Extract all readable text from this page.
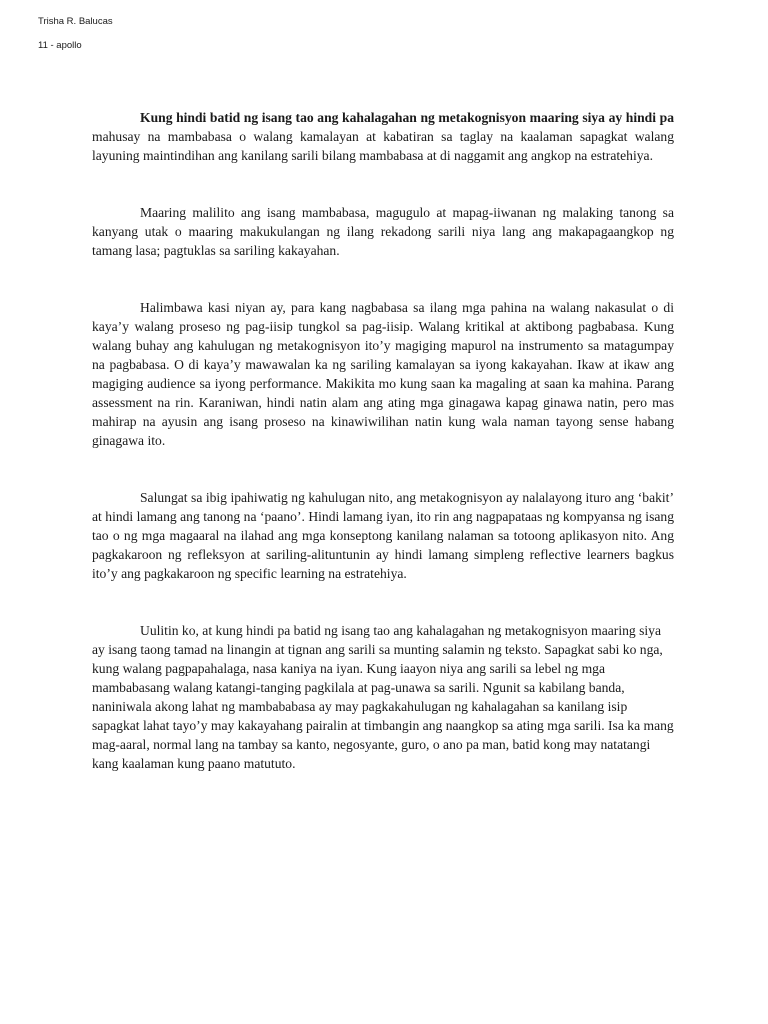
Trisha R. Balucas
11 - apollo

Kung hindi batid ng isang tao ang kahalagahan ng metakognisyon maaring siya ay hindi pa mahusay na mambabasa o walang kamalayan at kabatiran sa taglay na kaalaman sapagkat walang layuning maintindihan ang kanilang sarili bilang mambabasa at di naggamit ang angkop na estratehiya.

Maaring malilito ang isang mambabasa, magugulo at mapag-iiwanan ng malaking tanong sa kanyang utak o maaring makukulangan ng ilang rekadong sarili niya lang ang makapagaangkop ng tamang lasa; pagtuklas sa sariling kakayahan.

Halimbawa kasi niyan ay, para kang nagbabasa sa ilang mga pahina na walang nakasulat o di kaya’y walang proseso ng pag-iisip tungkol sa pag-iisip. Walang kritikal at aktibong pagbabasa. Kung walang buhay ang kahulugan ng metakognisyon ito’y magiging mapurol na instrumento sa matagumpay na pagbabasa. O di kaya’y mawawalan ka ng sariling kamalayan sa iyong kakayahan. Ikaw at ikaw ang magiging audience sa iyong performance. Makikita mo kung saan ka magaling at saan ka mahina. Parang assessment na rin. Karaniwan, hindi natin alam ang ating mga ginagawa kapag ginawa natin, pero mas mahirap na ayusin ang isang proseso na kinawiwilihan natin kung wala naman tayong sense habang ginagawa ito.

Salungat sa ibig ipahiwatig ng kahulugan nito, ang metakognisyon ay nalalayong ituro ang ‘bakit’ at hindi lamang ang tanong na ‘paano’. Hindi lamang iyan, ito rin ang nagpapataas ng kompyansa ng isang tao o ng mga magaaral na ilahad ang mga konseptong kanilang nalaman sa totoong aplikasyon nito. Ang pagkakaroon ng refleksyon at sariling-alituntunin ay hindi lamang simpleng reflective learners bagkus ito’y ang pagkakaroon ng specific learning na estratehiya.

Uulitin ko, at kung hindi pa batid ng isang tao ang kahalagahan ng metakognisyon maaring siya ay isang taong tamad na linangin at tignan ang sarili sa munting salamin ng teksto. Sapagkat sabi ko nga, kung walang pagpapahalaga, nasa kaniya na iyan. Kung iaayon niya ang sarili sa lebel ng mga mambabasang walang katangi-tanging pagkilala at pag-unawa sa sarili. Ngunit sa kabilang banda, naniniwala akong lahat ng mambababasa ay may pagkakahulugan ng kahalagahan sa kanilang isip sapagkat lahat tayo’y may kakayahang pairalin at timbangin ang naangkop sa ating mga sarili. Isa ka mang mag-aaral, normal lang na tambay sa kanto, negosyante, guro, o ano pa man, batid kong may natatangi kang kaalaman kung paano matututo.
